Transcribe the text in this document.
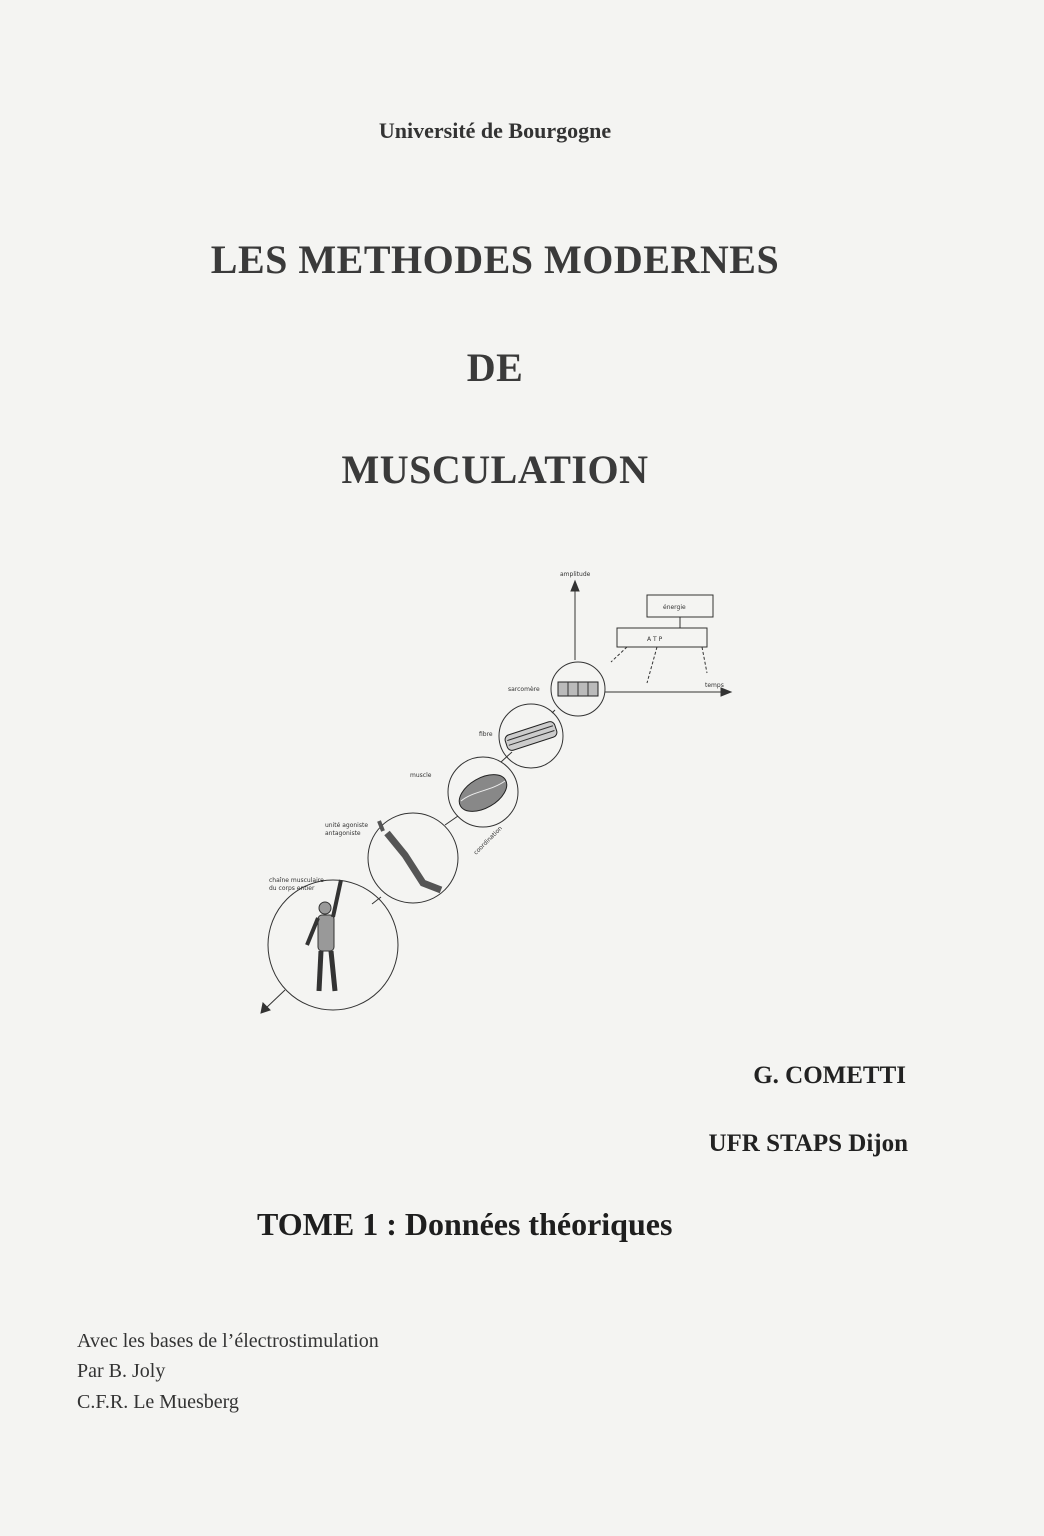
Université de Bourgogne
LES METHODES MODERNES
DE
MUSCULATION
amplitude
énergie
A T P
temps
sarcomère
fibre
muscle
unité agoniste
antagoniste	coordination
chaîne musculaire
du corps entier
G. COMETTI
UFR STAPS Dijon
TOME 1 : Données théoriques
Avec les bases de l’électrostimulation
Par B. Joly
C.F.R. Le Muesberg
